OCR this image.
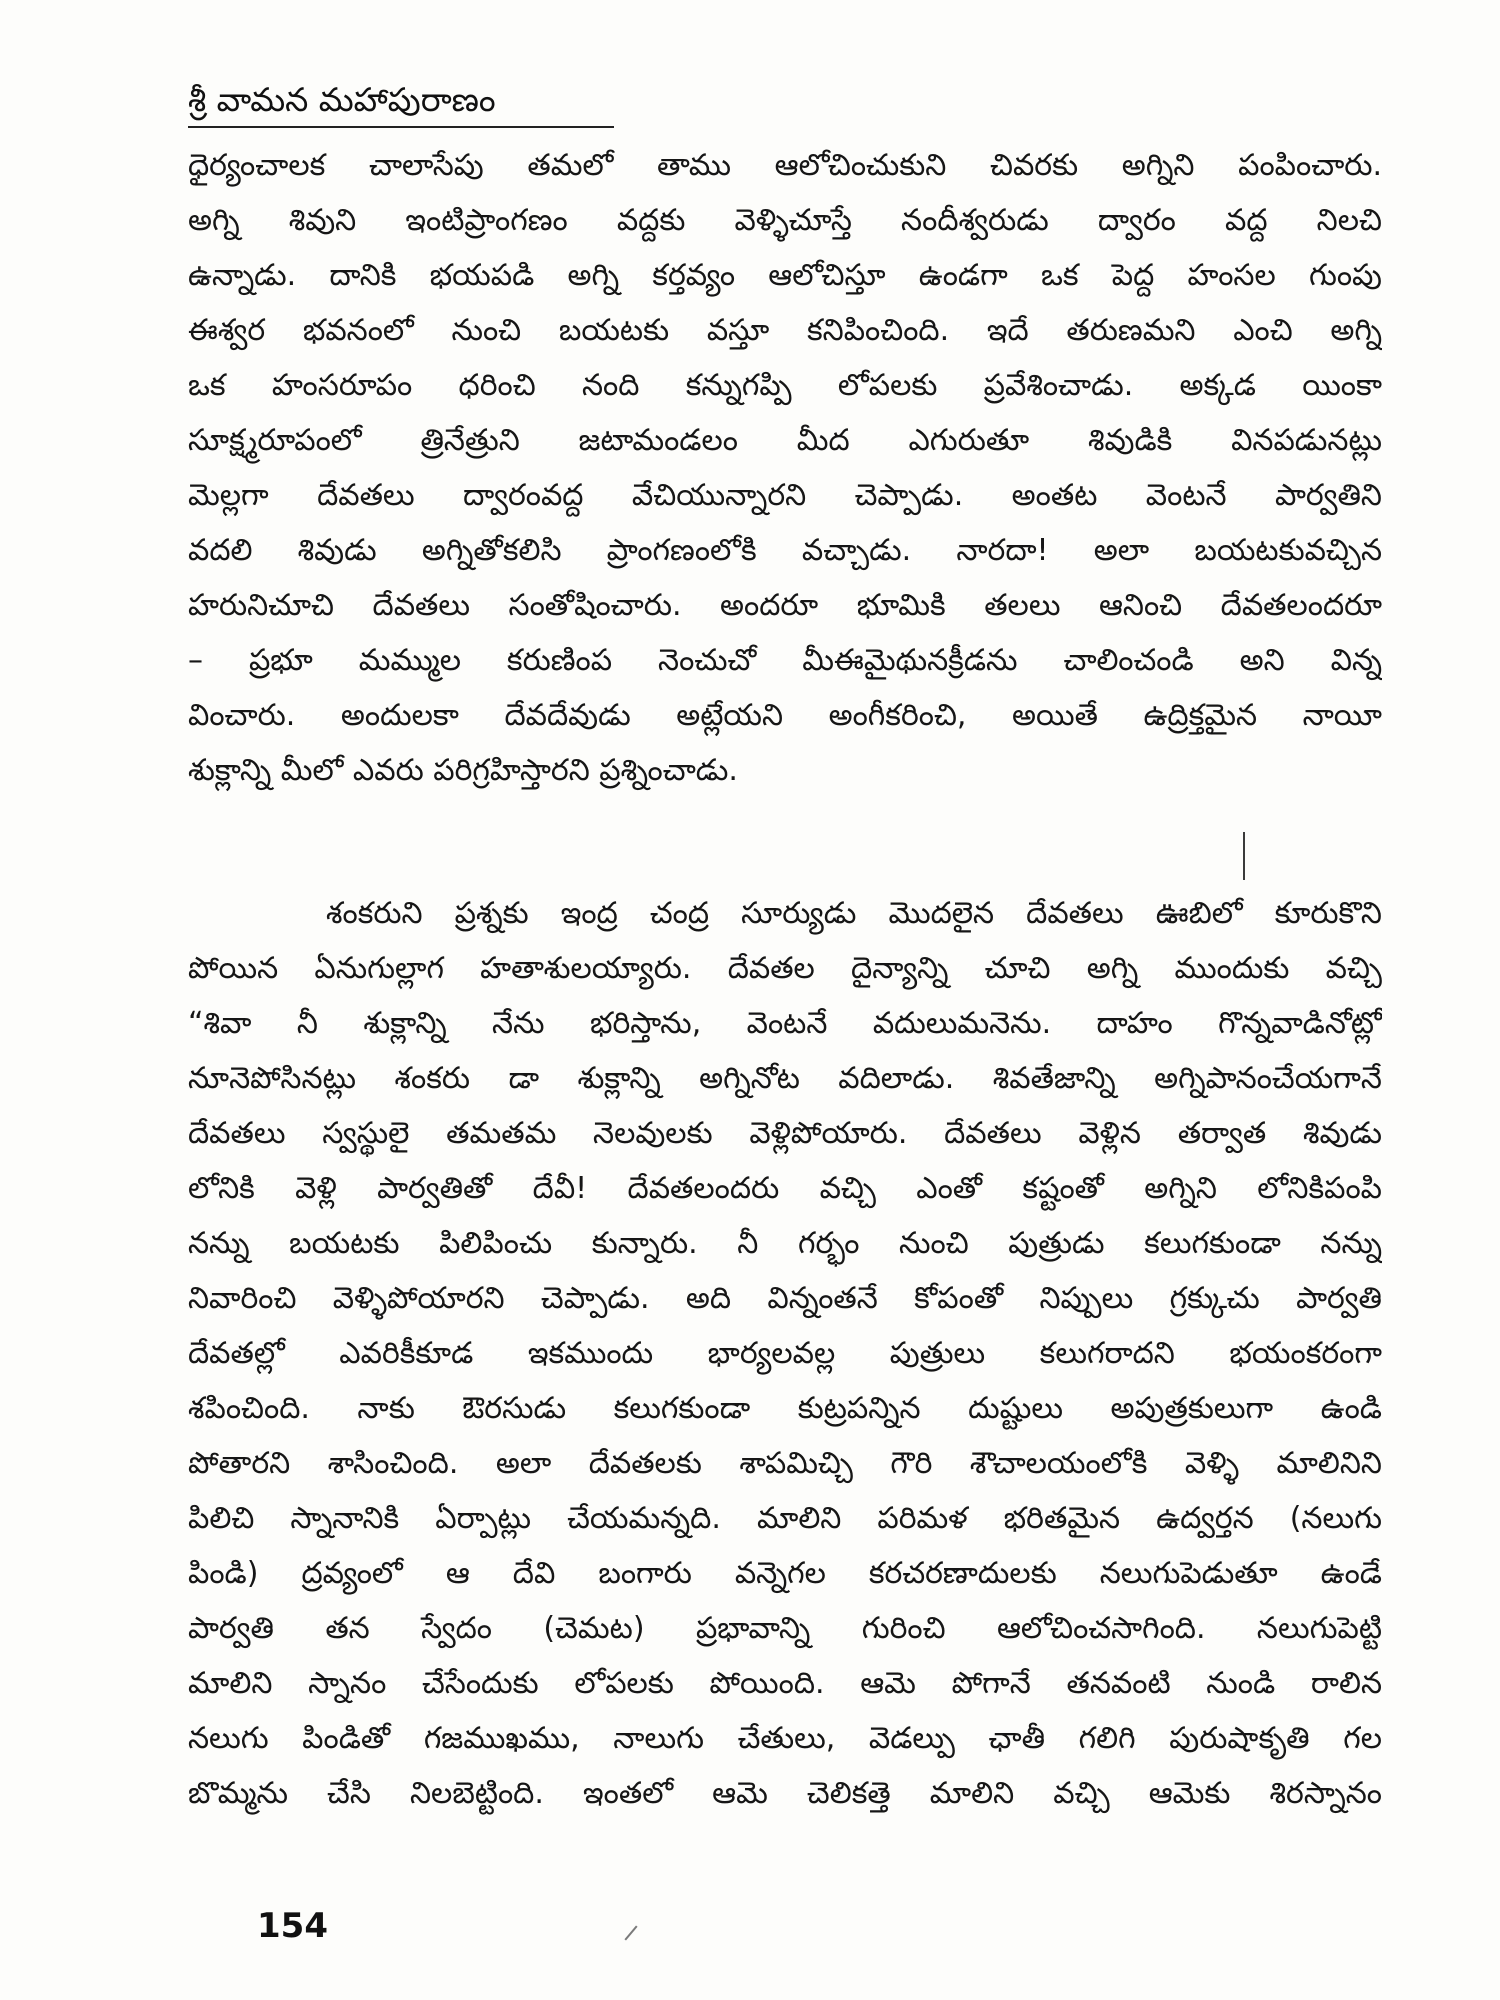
శ్రీ వామన మహాపురాణం
ధైర్యంచాలక చాలాసేపు తమలో తాము ఆలోచించుకుని చివరకు అగ్నిని పంపించారు.
అగ్ని శివుని ఇంటిప్రాంగణం వద్దకు వెళ్ళిచూస్తే నందీశ్వరుడు ద్వారం వద్ద నిలచి
ఉన్నాడు. దానికి భయపడి అగ్ని కర్తవ్యం ఆలోచిస్తూ ఉండగా ఒక పెద్ద హంసల గుంపు
ఈశ్వర భవనంలో నుంచి బయటకు వస్తూ కనిపించింది. ఇదే తరుణమని ఎంచి అగ్ని
ఒక హంసరూపం ధరించి నంది కన్నుగప్పి లోపలకు ప్రవేశించాడు. అక్కడ యింకా
సూక్ష్మరూపంలో త్రినేత్రుని జటామండలం మీద ఎగురుతూ శివుడికి వినపడునట్లు
మెల్లగా దేవతలు ద్వారంవద్ద వేచియున్నారని చెప్పాడు. అంతట వెంటనే పార్వతిని
వదలి శివుడు అగ్నితోకలిసి ప్రాంగణంలోకి వచ్చాడు. నారదా! అలా బయటకువచ్చిన
హరునిచూచి దేవతలు సంతోషించారు. అందరూ భూమికి తలలు ఆనించి దేవతలందరూ
– ప్రభూ మమ్ముల కరుణింప నెంచుచో మీఈమైథునక్రీడను చాలించండి అని విన్న
వించారు. అందులకా దేవదేవుడు అట్లేయని అంగీకరించి, అయితే ఉద్రిక్తమైన నాయీ
శుక్లాన్ని మీలో ఎవరు పరిగ్రహిస్తారని ప్రశ్నించాడు.
శంకరుని ప్రశ్నకు ఇంద్ర చంద్ర సూర్యుడు మొదలైన దేవతలు ఊబిలో కూరుకొని
పోయిన ఏనుగుల్లాగ హతాశులయ్యారు. దేవతల దైన్యాన్ని చూచి అగ్ని ముందుకు వచ్చి
“శివా నీ శుక్లాన్ని నేను భరిస్తాను, వెంటనే వదులుమనెను. దాహం గొన్నవాడినోట్లో
నూనెపోసినట్లు శంకరు డా శుక్లాన్ని అగ్నినోట వదిలాడు. శివతేజాన్ని అగ్నిపానంచేయగానే
దేవతలు స్వస్థులై తమతమ నెలవులకు వెళ్లిపోయారు. దేవతలు వెళ్లిన తర్వాత శివుడు
లోనికి వెళ్లి పార్వతితో దేవీ! దేవతలందరు వచ్చి ఎంతో కష్టంతో అగ్నిని లోనికిపంపి
నన్ను బయటకు పిలిపించు కున్నారు. నీ గర్భం నుంచి పుత్రుడు కలుగకుండా నన్ను
నివారించి వెళ్ళిపోయారని చెప్పాడు. అది విన్నంతనే కోపంతో నిప్పులు గ్రక్కుచు పార్వతి
దేవతల్లో ఎవరికీకూడ ఇకముందు భార్యలవల్ల పుత్రులు కలుగరాదని భయంకరంగా
శపించింది. నాకు ఔరసుడు కలుగకుండా కుట్రపన్నిన దుష్టులు అపుత్రకులుగా ఉండి
పోతారని శాసించింది. అలా దేవతలకు శాపమిచ్చి గౌరి శౌచాలయంలోకి వెళ్ళి మాలినిని
పిలిచి స్నానానికి ఏర్పాట్లు చేయమన్నది. మాలిని పరిమళ భరితమైన ఉద్వర్తన (నలుగు
పిండి) ద్రవ్యంలో ఆ దేవి బంగారు వన్నెగల కరచరణాదులకు నలుగుపెడుతూ ఉండే
పార్వతి తన స్వేదం (చెమట) ప్రభావాన్ని గురించి ఆలోచించసాగింది. నలుగుపెట్టి
మాలిని స్నానం చేసేందుకు లోపలకు పోయింది. ఆమె పోగానే తనవంటి నుండి రాలిన
నలుగు పిండితో గజముఖము, నాలుగు చేతులు, వెడల్పు ఛాతీ గలిగి పురుషాకృతి గల
బొమ్మను చేసి నిలబెట్టింది. ఇంతలో ఆమె చెలికత్తె మాలిని వచ్చి ఆమెకు శిరస్నానం
154
